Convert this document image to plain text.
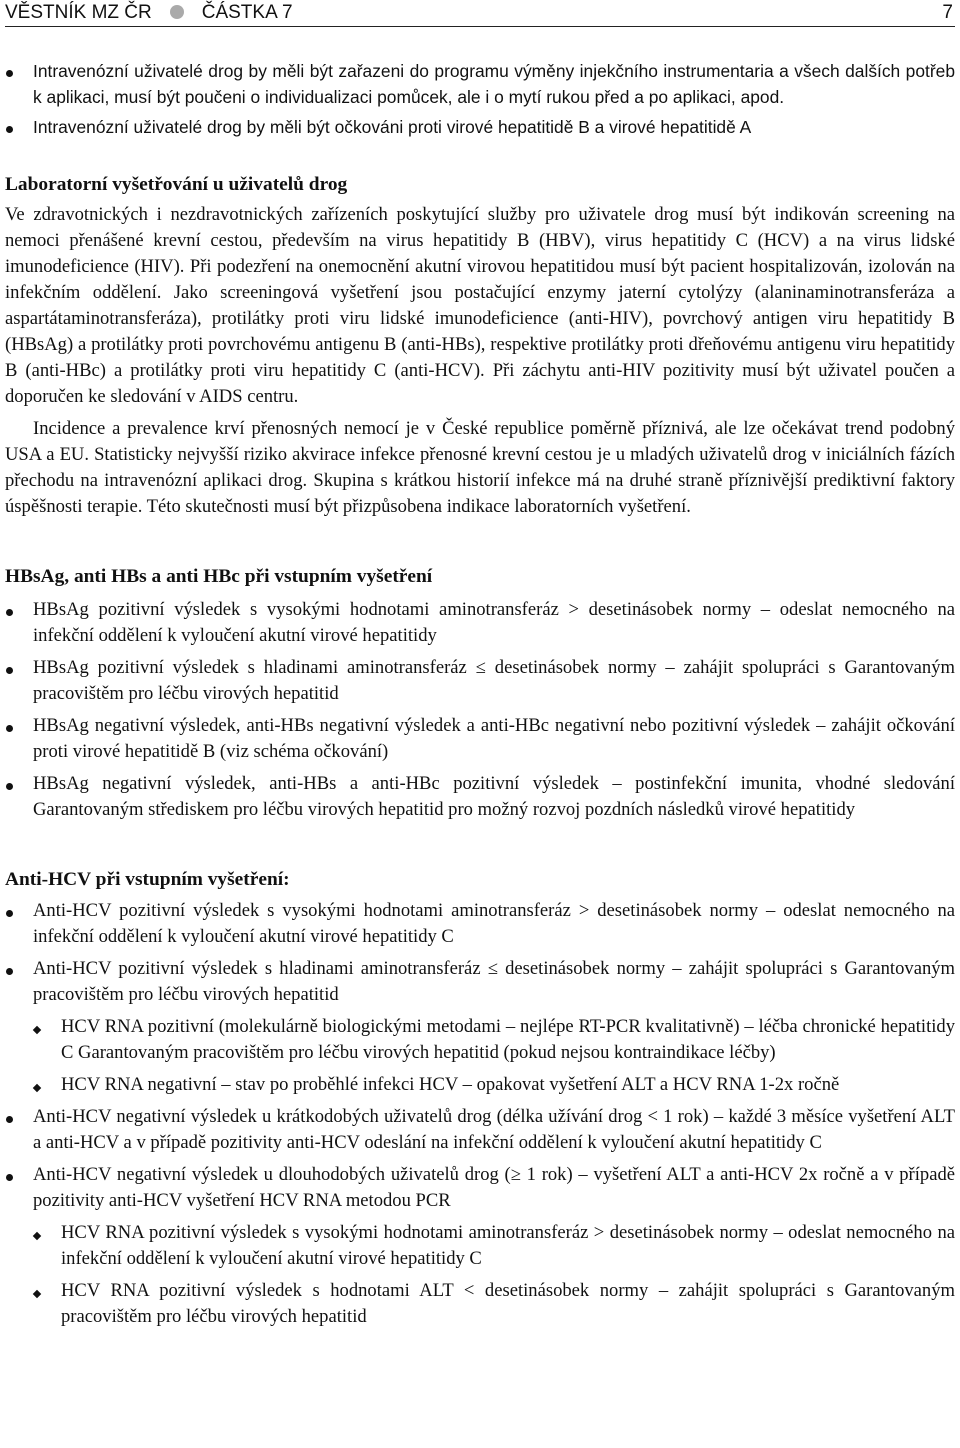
VĚSTNÍK MZ ČR	ČÁSTKA 7	7
Intravenózní uživatelé drog by měli být zařazeni do programu výměny injekčního instrumentaria a všech dalších potřeb k aplikaci, musí být poučeni o individualizaci pomůcek, ale i o mytí rukou před a po aplikaci, apod.
Intravenózní uživatelé drog by měli být očkováni proti virové hepatitidě B a virové hepatitidě A
Laboratorní vyšetřování u uživatelů drog

Ve zdravotnických i nezdravotnických zařízeních poskytující služby pro uživatele drog musí být indikován screening na nemoci přenášené krevní cestou, především na virus hepatitidy B (HBV), virus hepatitidy C (HCV) a na virus lidské imunodeficience (HIV). Při podezření na onemocnění akutní virovou hepatitidou musí být pacient hospitalizován, izolován na infekčním oddělení. Jako screeningová vyšetření jsou postačující enzymy jaterní cytolýzy (alaninaminotransferáza a aspartátaminotransferáza), protilátky proti viru lidské imunodeficience (anti-HIV), povrchový antigen viru hepatitidy B (HBsAg) a protilátky proti povrchovému antigenu B (anti-HBs), respektive protilátky proti dřeňovému antigenu viru hepatitidy B (anti-HBc) a protilátky proti viru hepatitidy C (anti-HCV). Při záchytu anti-HIV pozitivity musí být uživatel poučen a doporučen ke sledování v AIDS centru.

Incidence a prevalence krví přenosných nemocí je v České republice poměrně příznivá, ale lze očekávat trend podobný USA a EU. Statisticky nejvyšší riziko akvirace infekce přenosné krevní cestou je u mladých uživatelů drog v iniciálních fázích přechodu na intravenózní aplikaci drog. Skupina s krátkou historií infekce má na druhé straně příznivější prediktivní faktory úspěšnosti terapie. Této skutečnosti musí být přizpůsobena indikace laboratorních vyšetření.

HBsAg, anti HBs a anti HBc při vstupním vyšetření
HBsAg pozitivní výsledek s vysokými hodnotami aminotransferáz > desetinásobek normy – odeslat nemocného na infekční oddělení k vyloučení akutní virové hepatitidy
HBsAg pozitivní výsledek s hladinami aminotransferáz ≤ desetinásobek normy – zahájit spolupráci s Garantovaným pracovištěm pro léčbu virových hepatitid
HBsAg negativní výsledek, anti-HBs negativní výsledek a anti-HBc negativní nebo pozitivní výsledek – zahájit očkování proti virové hepatitidě B (viz schéma očkování)
HBsAg negativní výsledek, anti-HBs a anti-HBc pozitivní výsledek – postinfekční imunita, vhodné sledování Garantovaným střediskem pro léčbu virových hepatitid pro možný rozvoj pozdních následků virové hepatitidy
Anti-HCV při vstupním vyšetření:
Anti-HCV pozitivní výsledek s vysokými hodnotami aminotransferáz > desetinásobek normy – odeslat nemocného na infekční oddělení k vyloučení akutní virové hepatitidy C
Anti-HCV pozitivní výsledek s hladinami aminotransferáz ≤ desetinásobek normy – zahájit spolupráci s Garantovaným pracovištěm pro léčbu virových hepatitid
HCV RNA pozitivní (molekulárně biologickými metodami – nejlépe RT-PCR kvalitativně) – léčba chronické hepatitidy C Garantovaným pracovištěm pro léčbu virových hepatitid (pokud nejsou kontraindikace léčby)
HCV RNA negativní – stav po proběhlé infekci HCV – opakovat vyšetření ALT a HCV RNA 1-2x ročně
Anti-HCV negativní výsledek u krátkodobých uživatelů drog (délka užívání drog < 1 rok) – každé 3 měsíce vyšetření ALT a anti-HCV a v případě pozitivity anti-HCV odeslání na infekční oddělení k vyloučení akutní hepatitidy C
Anti-HCV negativní výsledek u dlouhodobých uživatelů drog (≥ 1 rok) – vyšetření ALT a anti-HCV 2x ročně a v případě pozitivity anti-HCV vyšetření HCV RNA metodou PCR
HCV RNA pozitivní výsledek s vysokými hodnotami aminotransferáz > desetinásobek normy – odeslat nemocného na infekční oddělení k vyloučení akutní virové hepatitidy C
HCV RNA pozitivní výsledek s hodnotami ALT < desetinásobek normy – zahájit spolupráci s Garantovaným pracovištěm pro léčbu virových hepatitid
